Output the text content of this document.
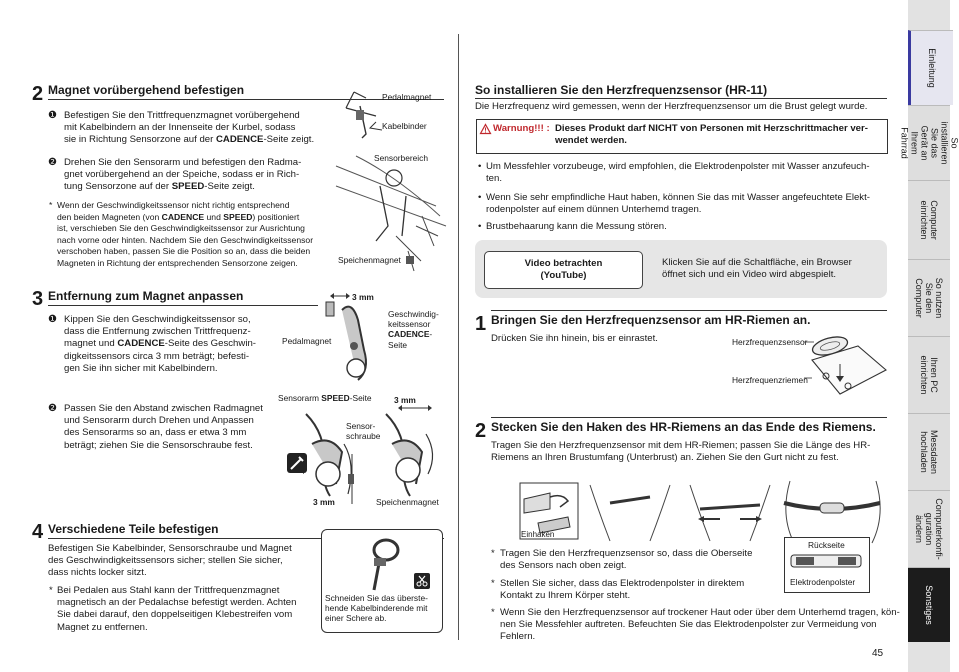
Einleitung
So installieren Sie das Gerät an Ihrem Fahrrad
Computer einrichten
So nutzen Sie den Computer
Ihren PC einrichten
Messdaten hochladen
Computerkonfi-guration ändern
Sonstiges
45
2 Magnet vorübergehend befestigen
❶ Befestigen Sie den Trittfrequenzmagnet vorübergehend
mit Kabelbindern an der Innenseite der Kurbel, sodass
sie in Richtung Sensorzone auf der CADENCE-Seite zeigt.
❷ Drehen Sie den Sensorarm und befestigen den Radma-
gnet vorübergehend an der Speiche, sodass er in Rich-
tung Sensorzone auf der SPEED-Seite zeigt.
* Wenn der Geschwindigkeitssensor nicht richtig entsprechend
den beiden Magneten (von CADENCE und SPEED) positioniert
ist, verschieben Sie den Geschwindigkeitssensor zur Ausrichtung
nach vorne oder hinten. Nachdem Sie den Geschwindigkeitssensor
verschoben haben, passen Sie die Position so an, dass die beiden
Magneten in Richtung der entsprechenden Sensorzone zeigen.
Pedalmagnet
Kabelbinder
Sensorbereich
Speichenmagnet
3 Entfernung zum Magnet anpassen
❶ Kippen Sie den Geschwindigkeitssensor so,
dass die Entfernung zwischen Trittfrequenz-
magnet und CADENCE-Seite des Geschwin-
digkeitssensors circa 3 mm beträgt; befesti-
gen Sie ihn sicher mit Kabelbindern.
❷ Passen Sie den Abstand zwischen Radmagnet
und Sensorarm durch Drehen und Anpassen
des Sensorarms so an, dass er etwa 3 mm
beträgt; ziehen Sie die Sensorschraube fest.
3 mm
Pedalmagnet
Geschwindig-
keitssensor
CADENCE-
Seite
Sensorarm SPEED-Seite	3 mm
+
Sensor-
schraube
3 mm	Speichenmagnet
4 Verschiedene Teile befestigen
Befestigen Sie Kabelbinder, Sensorschraube und Magnet
des Geschwindigkeitssensors sicher; stellen Sie sicher,
dass nichts locker sitzt.
* Bei Pedalen aus Stahl kann der Trittfrequenzmagnet
magnetisch an der Pedalachse befestigt werden. Achten
Sie dabei darauf, den doppelseitigen Klebestreifen vom
Magnet zu entfernen.
Schneiden Sie das überste-
hende Kabelbinderende mit
einer Schere ab.
So installieren Sie den Herzfrequenzsensor (HR-11)
Die Herzfrequenz wird gemessen, wenn der Herzfrequenzsensor um die Brust gelegt wurde.
Warnung!!! : Dieses Produkt darf NICHT von Personen mit Herzschrittmacher ver-
wendet werden.
• Um Messfehler vorzubeuge, wird empfohlen, die Elektrodenpolster mit Wasser anzufeuch-
ten.
• Wenn Sie sehr empfindliche Haut haben, können Sie das mit Wasser angefeuchtete Elekt-
rodenpolster auf einem dünnen Unterhemd tragen.
• Brustbehaarung kann die Messung stören.
Video betrachten
(YouTube)
Klicken Sie auf die Schaltfläche, ein Browser
öffnet sich und ein Video wird abgespielt.
1 Bringen Sie den Herzfrequenzsensor am HR-Riemen an.
Drücken Sie ihn hinein, bis er einrastet.	Herzfrequenzsensor
Herzfrequenzriemen
2 Stecken Sie den Haken des HR-Riemens an das Ende des Riemens.
Tragen Sie den Herzfrequenzsensor mit dem HR-Riemen; passen Sie die Länge des HR-
Riemens an Ihren Brustumfang (Unterbrust) an. Ziehen Sie den Gurt nicht zu fest.
Einhaken
Rückseite
Elektrodenpolster
* Tragen Sie den Herzfrequenzsensor so, dass die Oberseite
des Sensors nach oben zeigt.
* Stellen Sie sicher, dass das Elektrodenpolster in direktem
Kontakt zu Ihrem Körper steht.
* Wenn Sie den Herzfrequenzsensor auf trockener Haut oder über dem Unterhemd tragen, kön-
nen Sie Messfehler auftreten. Befeuchten Sie das Elektrodenpolster zur Vermeidung von Fehlern.
